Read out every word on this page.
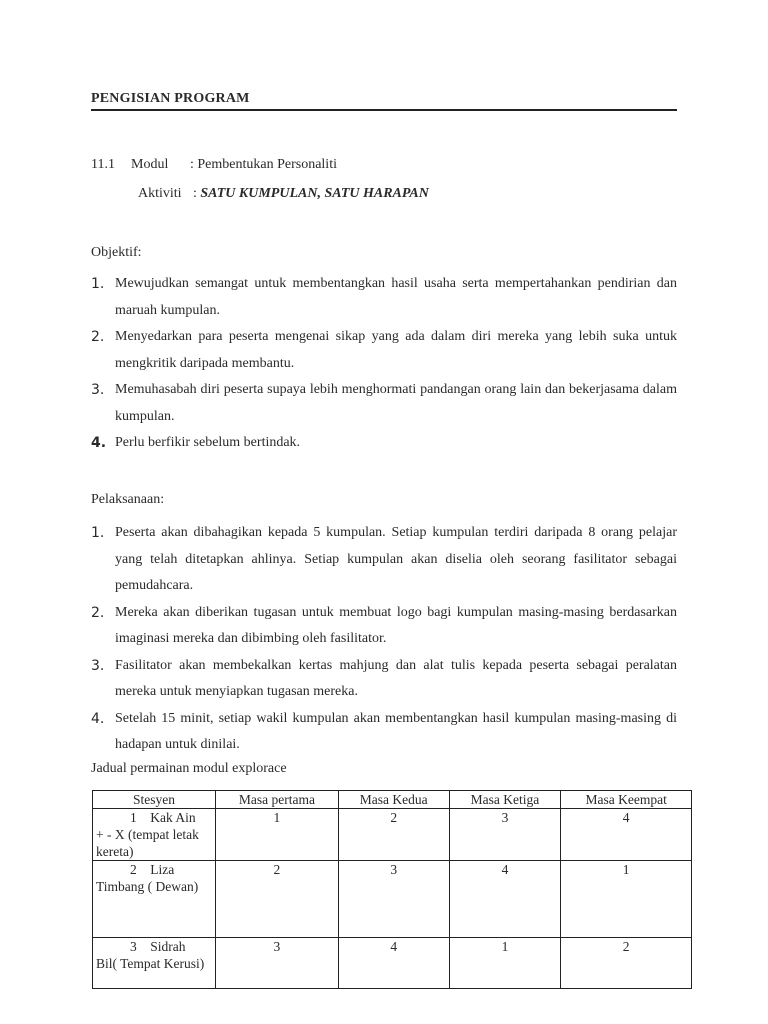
PENGISIAN PROGRAM
11.1 Modul : Pembentukan Personaliti
Aktiviti : SATU KUMPULAN, SATU HARAPAN
Objektif:
1. Mewujudkan semangat untuk membentangkan hasil usaha serta mempertahankan pendirian dan maruah kumpulan.
2. Menyedarkan para peserta mengenai sikap yang ada dalam diri mereka yang lebih suka untuk mengkritik daripada membantu.
3. Memuhasabah diri peserta supaya lebih menghormati pandangan orang lain dan bekerjasama dalam kumpulan.
4. Perlu berfikir sebelum bertindak.
Pelaksanaan:
1. Peserta akan dibahagikan kepada 5 kumpulan. Setiap kumpulan terdiri daripada 8 orang pelajar yang telah ditetapkan ahlinya. Setiap kumpulan akan diselia oleh seorang fasilitator sebagai pemudahcara.
2. Mereka akan diberikan tugasan untuk membuat logo bagi kumpulan masing-masing berdasarkan imaginasi mereka dan dibimbing oleh fasilitator.
3. Fasilitator akan membekalkan kertas mahjung dan alat tulis kepada peserta sebagai peralatan mereka untuk menyiapkan tugasan mereka.
4. Setelah 15 minit, setiap wakil kumpulan akan membentangkan hasil kumpulan masing-masing di hadapan untuk dinilai.
Jadual permainan modul explorace
Stesyen	Masa pertama	Masa Kedua	Masa Ketiga	Masa Keempat

1 Kak Ain
+ - X (tempat letak kereta)	1	2	3	4

2 Liza
Timbang ( Dewan)	2	3	4	1

3 Sidrah
Bil( Tempat Kerusi)	3	4	1	2
